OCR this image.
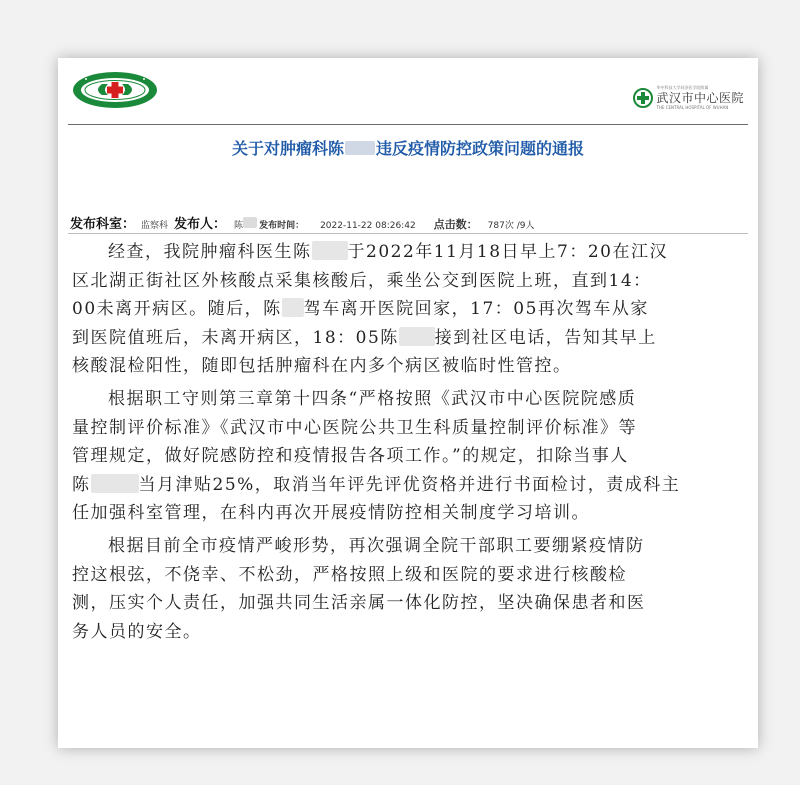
华中科技大学同济医学院附属
武汉市中心医院
THE CENTRAL HOSPITAL OF WUHAN
关于对肿瘤科陈 违反疫情防控政策问题的通报
发布科室： 监察科 发布人： 陈 发布时间： 2022-11-22 08:26:42 点击数： 787次 /9人
经查，我院肿瘤科医生陈 于2022年11月18日早上7：20在江汉
区北湖正街社区外核酸点采集核酸后，乘坐公交到医院上班，直到14：
00未离开病区。随后，陈 驾车离开医院回家，17：05再次驾车从家
到医院值班后，未离开病区，18：05陈 接到社区电话，告知其早上
核酸混检阳性，随即包括肿瘤科在内多个病区被临时性管控。
根据职工守则第三章第十四条“严格按照《武汉市中心医院院感质
量控制评价标准》《武汉市中心医院公共卫生科质量控制评价标准》等
管理规定，做好院感防控和疫情报告各项工作。”的规定，扣除当事人
陈	当月津贴25%，取消当年评先评优资格并进行书面检讨，责成科主
任加强科室管理，在科内再次开展疫情防控相关制度学习培训。
根据目前全市疫情严峻形势，再次强调全院干部职工要绷紧疫情防
控这根弦，不侥幸、不松劲，严格按照上级和医院的要求进行核酸检
测，压实个人责任，加强共同生活亲属一体化防控，坚决确保患者和医
务人员的安全。
